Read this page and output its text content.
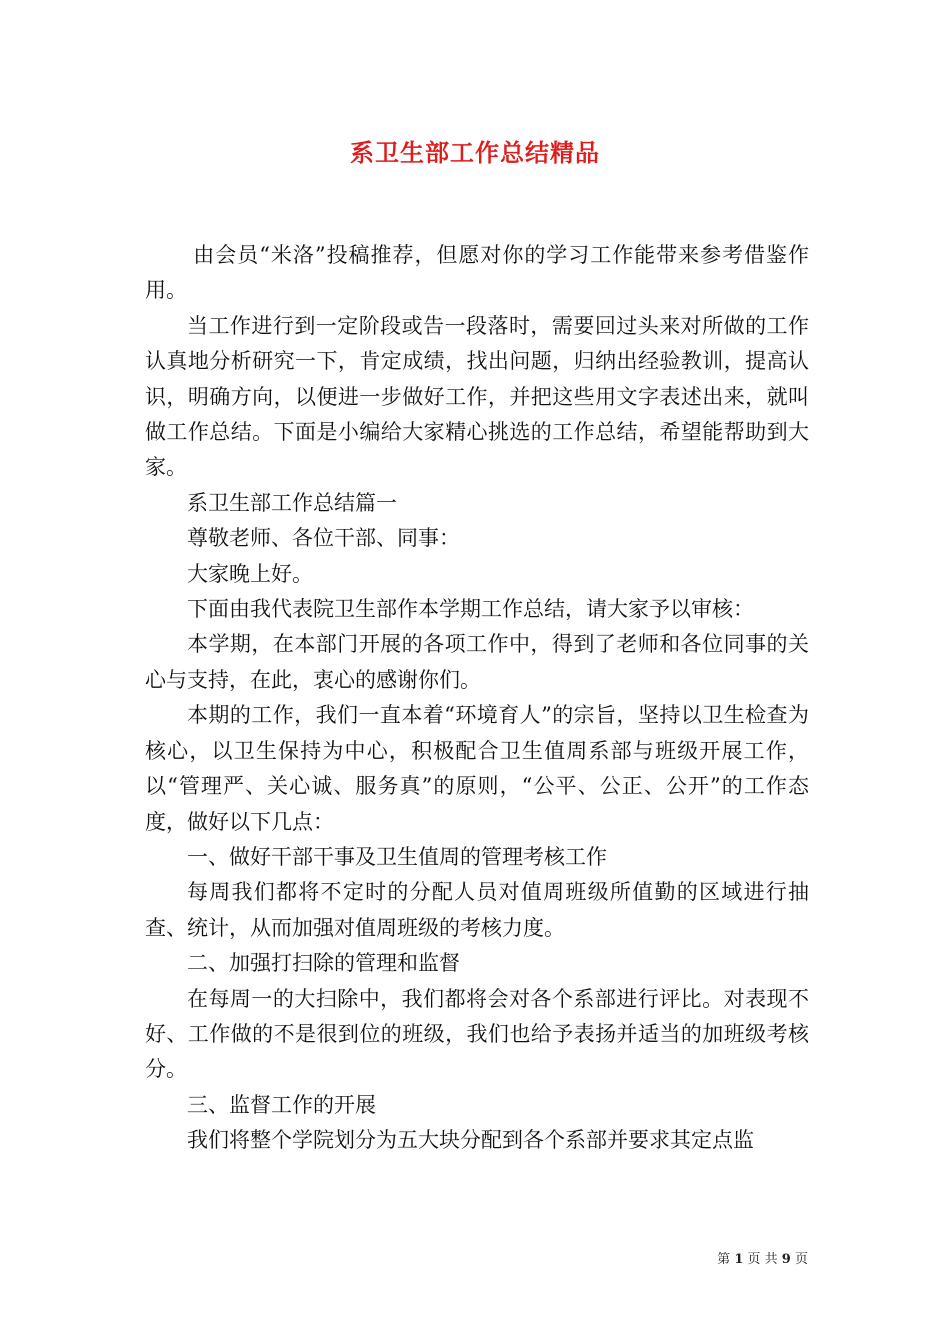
系卫生部工作总结精品

由会员“米洛”投稿推荐，但愿对你的学习工作能带来参考借鉴作用。

当工作进行到一定阶段或告一段落时，需要回过头来对所做的工作认真地分析研究一下，肯定成绩，找出问题，归纳出经验教训，提高认识，明确方向，以便进一步做好工作，并把这些用文字表述出来，就叫做工作总结。下面是小编给大家精心挑选的工作总结，希望能帮助到大家。

系卫生部工作总结篇一

尊敬老师、各位干部、同事：

大家晚上好。

下面由我代表院卫生部作本学期工作总结，请大家予以审核：

本学期，在本部门开展的各项工作中，得到了老师和各位同事的关心与支持，在此，衷心的感谢你们。

本期的工作，我们一直本着“环境育人”的宗旨，坚持以卫生检查为核心，以卫生保持为中心，积极配合卫生值周系部与班级开展工作，以“管理严、关心诚、服务真”的原则，“公平、公正、公开”的工作态度，做好以下几点：

一、做好干部干事及卫生值周的管理考核工作

每周我们都将不定时的分配人员对值周班级所值勤的区域进行抽查、统计，从而加强对值周班级的考核力度。

二、加强打扫除的管理和监督

在每周一的大扫除中，我们都将会对各个系部进行评比。对表现不好、工作做的不是很到位的班级，我们也给予表扬并适当的加班级考核分。

三、监督工作的开展

我们将整个学院划分为五大块分配到各个系部并要求其定点监

第 1 页 共 9 页
